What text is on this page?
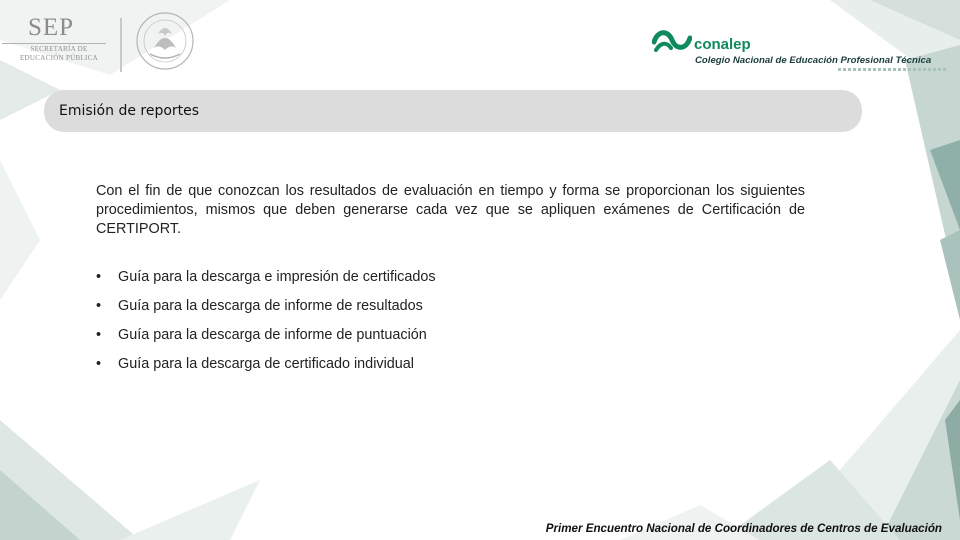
SEP
SECRETARÍA DE
EDUCACIÓN PÚBLICA
conalep
Colegio Nacional de Educación Profesional Técnica
Emisión de reportes
Con el fin de que conozcan los resultados de evaluación en tiempo y forma se proporcionan los siguientes procedimientos, mismos que deben generarse cada vez que se apliquen exámenes de Certificación de CERTIPORT.
• Guía para la descarga e impresión de certificados
• Guía para la descarga de informe de resultados
• Guía para la descarga de informe de puntuación
• Guía para la descarga de certificado individual
Primer Encuentro Nacional de Coordinadores de Centros de Evaluación
